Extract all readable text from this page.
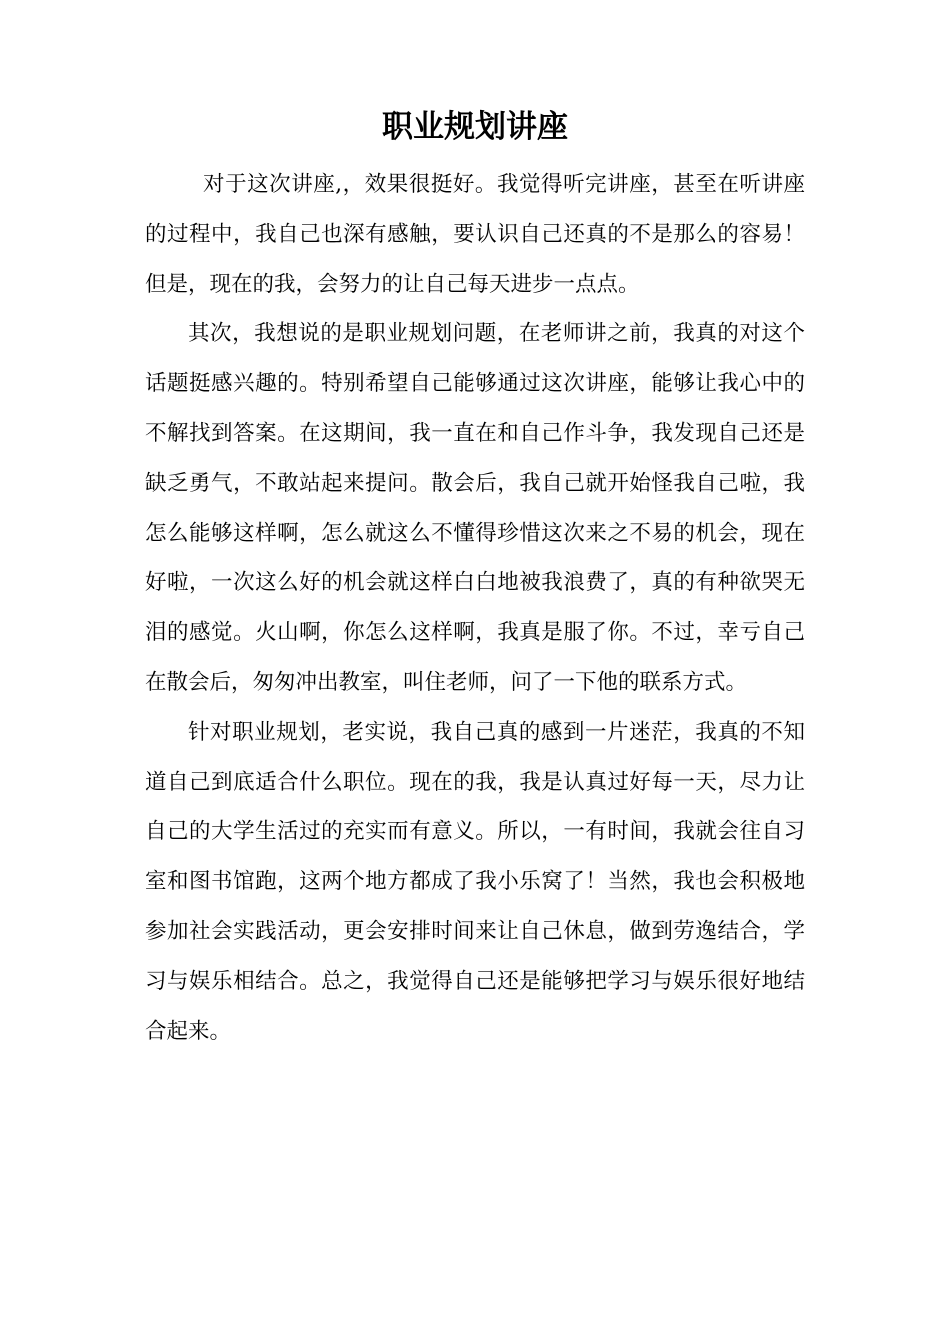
职业规划讲座

对于这次讲座,，效果很挺好。我觉得听完讲座，甚至在听讲座的过程中，我自己也深有感触，要认识自己还真的不是那么的容易！但是，现在的我，会努力的让自己每天进步一点点。

其次，我想说的是职业规划问题，在老师讲之前，我真的对这个话题挺感兴趣的。特别希望自己能够通过这次讲座，能够让我心中的不解找到答案。在这期间，我一直在和自己作斗争，我发现自己还是缺乏勇气，不敢站起来提问。散会后，我自己就开始怪我自己啦，我怎么能够这样啊，怎么就这么不懂得珍惜这次来之不易的机会，现在好啦，一次这么好的机会就这样白白地被我浪费了，真的有种欲哭无泪的感觉。火山啊，你怎么这样啊，我真是服了你。不过，幸亏自己在散会后，匆匆冲出教室，叫住老师，问了一下他的联系方式。

针对职业规划，老实说，我自己真的感到一片迷茫，我真的不知道自己到底适合什么职位。现在的我，我是认真过好每一天，尽力让自己的大学生活过的充实而有意义。所以，一有时间，我就会往自习室和图书馆跑，这两个地方都成了我小乐窝了！当然，我也会积极地参加社会实践活动，更会安排时间来让自己休息，做到劳逸结合，学习与娱乐相结合。总之，我觉得自己还是能够把学习与娱乐很好地结合起来。
